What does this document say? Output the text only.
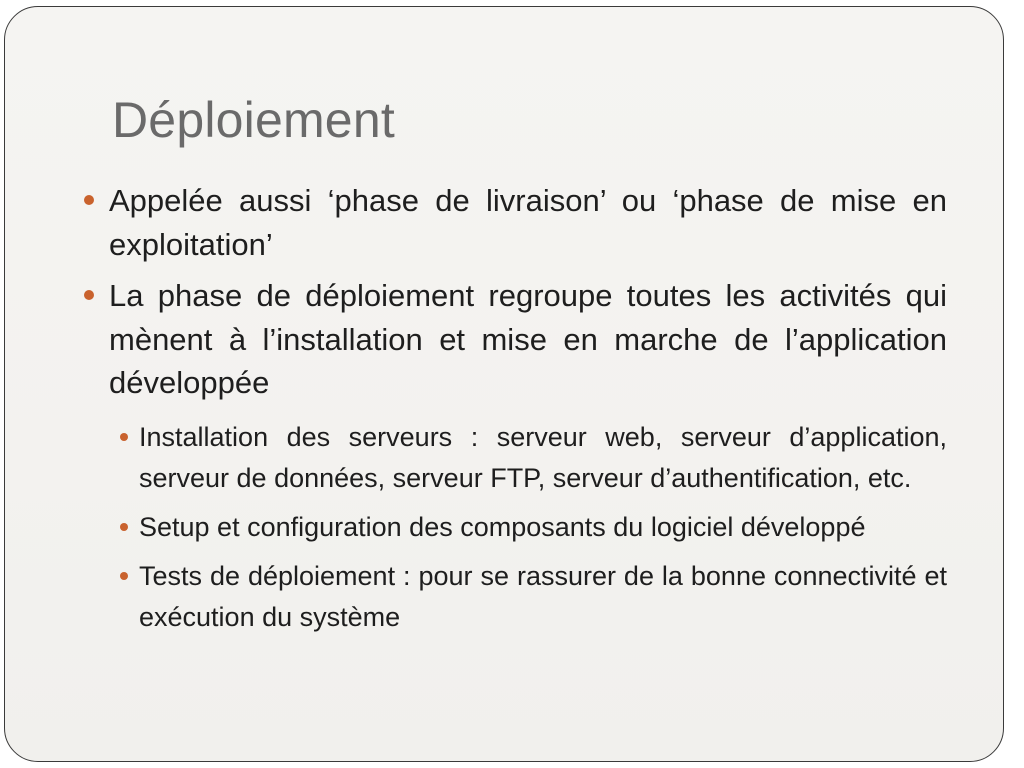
Déploiement
Appelée aussi ‘phase de livraison’ ou ‘phase de mise en exploitation’
La phase de déploiement regroupe toutes les activités qui mènent à l’installation et mise en marche de l’application développée
Installation des serveurs : serveur web, serveur d’application, serveur de données, serveur FTP, serveur d’authentification, etc.
Setup et configuration des composants du logiciel développé
Tests de déploiement : pour se rassurer de la bonne connectivité et exécution du système
